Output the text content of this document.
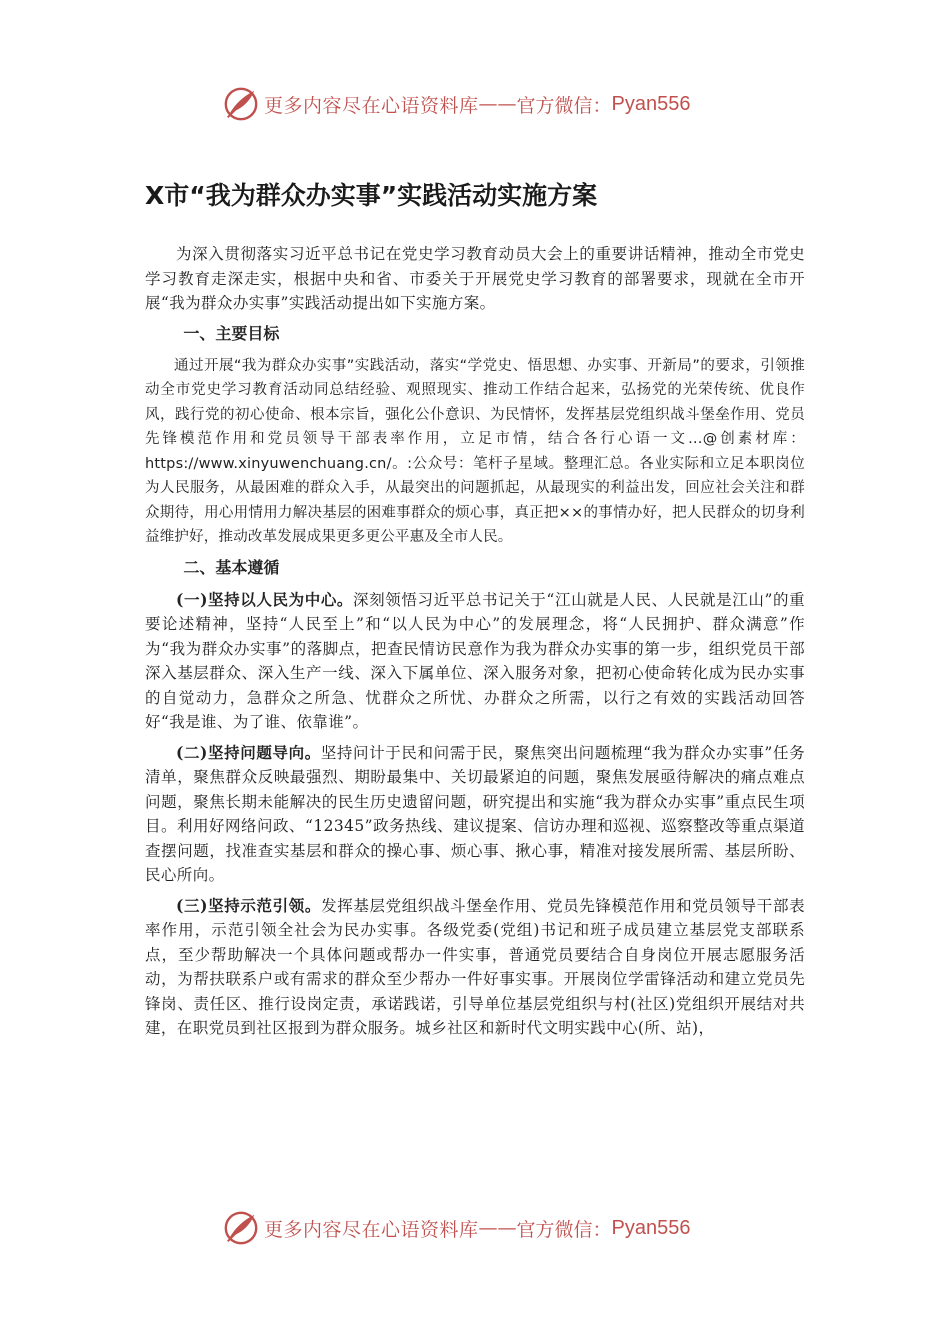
更多内容尽在心语资料库 —— 官方微信： Pyan556
X市“我为群众办实事”实践活动实施方案

为深入贯彻落实习近平总书记在党史学习教育动员大会上的重要讲话精神，推动全市党史学习教育走深走实，根据中央和省、市委关于开展党史学习教育的部署要求，现就在全市开展“我为群众办实事”实践活动提出如下实施方案。

一、主要目标

通过开展“我为群众办实事”实践活动，落实“学党史、悟思想、办实事、开新局”的要求，引领推动全市党史学习教育活动同总结经验、观照现实、推动工作结合起来，弘扬党的光荣传统、优良作风，践行党的初心使命、根本宗旨，强化公仆意识、为民情怀，发挥基层党组织战斗堡垒作用、党员先锋模范作用和党员领导干部表率作用，立足市情，结合各行心语一文…@创素材库：https://www.xinyuwenchuang.cn/。:公众号：笔杆子星域。整理汇总。各业实际和立足本职岗位为人民服务，从最困难的群众入手，从最突出的问题抓起，从最现实的利益出发，回应社会关注和群众期待，用心用情用力解决基层的困难事群众的烦心事，真正把××的事情办好，把人民群众的切身利益维护好，推动改革发展成果更多更公平惠及全市人民。

二、基本遵循

(一)坚持以人民为中心。深刻领悟习近平总书记关于“江山就是人民、人民就是江山”的重要论述精神，坚持“人民至上”和“以人民为中心”的发展理念，将“人民拥护、群众满意”作为“我为群众办实事”的落脚点，把查民情访民意作为我为群众办实事的第一步，组织党员干部深入基层群众、深入生产一线、深入下属单位、深入服务对象，把初心使命转化成为民办实事的自觉动力，急群众之所急、忧群众之所忧、办群众之所需，以行之有效的实践活动回答好“我是谁、为了谁、依靠谁”。

(二)坚持问题导向。坚持问计于民和问需于民，聚焦突出问题梳理“我为群众办实事”任务清单，聚焦群众反映最强烈、期盼最集中、关切最紧迫的问题，聚焦发展亟待解决的痛点难点问题，聚焦长期未能解决的民生历史遗留问题，研究提出和实施“我为群众办实事”重点民生项目。利用好网络问政、“12345”政务热线、建议提案、信访办理和巡视、巡察整改等重点渠道查摆问题，找准查实基层和群众的操心事、烦心事、揪心事，精准对接发展所需、基层所盼、民心所向。

(三)坚持示范引领。发挥基层党组织战斗堡垒作用、党员先锋模范作用和党员领导干部表率作用，示范引领全社会为民办实事。各级党委(党组)书记和班子成员建立基层党支部联系点，至少帮助解决一个具体问题或帮办一件实事，普通党员要结合自身岗位开展志愿服务活动，为帮扶联系户或有需求的群众至少帮办一件好事实事。开展岗位学雷锋活动和建立党员先锋岗、责任区、推行设岗定责，承诺践诺，引导单位基层党组织与村(社区)党组织开展结对共建，在职党员到社区报到为群众服务。城乡社区和新时代文明实践中心(所、站)，

更多内容尽在心语资料库 —— 官方微信： Pyan556
